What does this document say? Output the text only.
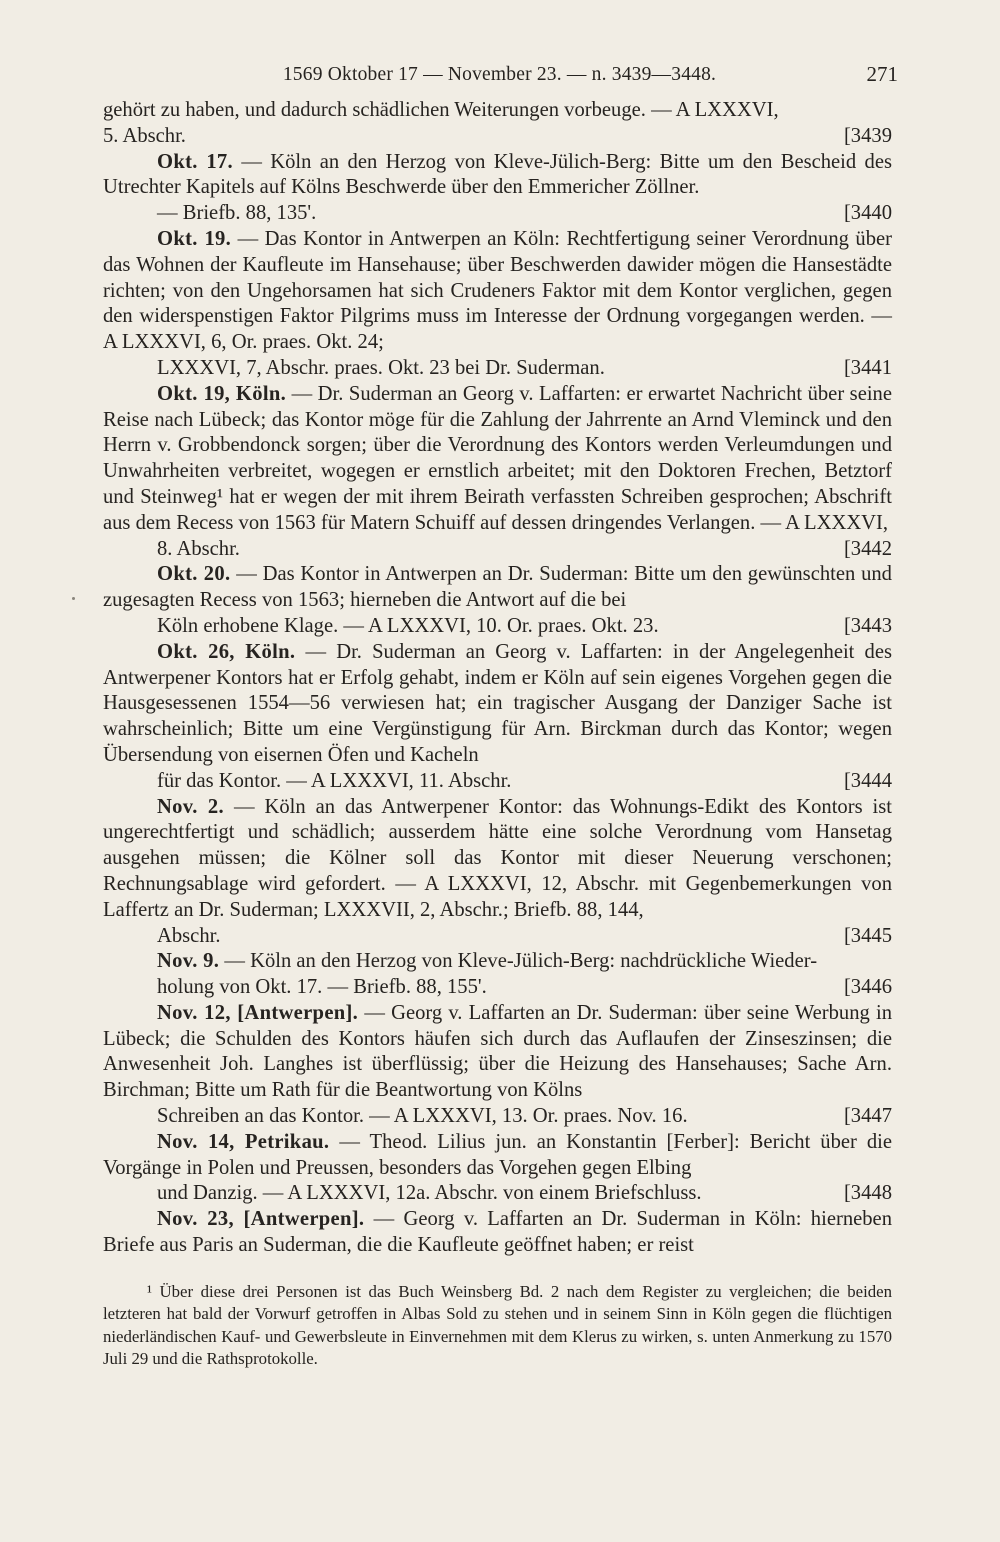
1569 Oktober 17 — November 23. — n. 3439—3448.	271

gehört zu haben, und dadurch schädlichen Weiterungen vorbeuge. — A LXXXVI,
5. Abschr.	[3439

Okt. 17. — Köln an den Herzog von Kleve-Jülich-Berg: Bitte um den Bescheid des Utrechter Kapitels auf Kölns Beschwerde über den Emmericher Zöllner.
— Briefb. 88, 135'.	[3440

Okt. 19. — Das Kontor in Antwerpen an Köln: Rechtfertigung seiner Verordnung über das Wohnen der Kaufleute im Hansehause; über Beschwerden dawider mögen die Hansestädte richten; von den Ungehorsamen hat sich Crudeners Faktor mit dem Kontor verglichen, gegen den widerspenstigen Faktor Pilgrims muss im Interesse der Ordnung vorgegangen werden. — A LXXXVI, 6, Or. praes. Okt. 24;
LXXXVI, 7, Abschr. praes. Okt. 23 bei Dr. Suderman.	[3441

Okt. 19, Köln. — Dr. Suderman an Georg v. Laffarten: er erwartet Nachricht über seine Reise nach Lübeck; das Kontor möge für die Zahlung der Jahrrente an Arnd Vleminck und den Herrn v. Grobbendonck sorgen; über die Verordnung des Kontors werden Verleumdungen und Unwahrheiten verbreitet, wogegen er ernstlich arbeitet; mit den Doktoren Frechen, Betztorf und Steinweg¹ hat er wegen der mit ihrem Beirath verfassten Schreiben gesprochen; Abschrift aus dem Recess von 1563 für Matern Schuiff auf dessen dringendes Verlangen. — A LXXXVI,
8. Abschr.	[3442

Okt. 20. — Das Kontor in Antwerpen an Dr. Suderman: Bitte um den gewünschten und zugesagten Recess von 1563; hierneben die Antwort auf die bei
Köln erhobene Klage. — A LXXXVI, 10. Or. praes. Okt. 23.	[3443

Okt. 26, Köln. — Dr. Suderman an Georg v. Laffarten: in der Angelegenheit des Antwerpener Kontors hat er Erfolg gehabt, indem er Köln auf sein eigenes Vorgehen gegen die Hausgesessenen 1554—56 verwiesen hat; ein tragischer Ausgang der Danziger Sache ist wahrscheinlich; Bitte um eine Vergünstigung für Arn. Birckman durch das Kontor; wegen Übersendung von eisernen Öfen und Kacheln
für das Kontor. — A LXXXVI, 11. Abschr.	[3444

Nov. 2. — Köln an das Antwerpener Kontor: das Wohnungs-Edikt des Kontors ist ungerechtfertigt und schädlich; ausserdem hätte eine solche Verordnung vom Hansetag ausgehen müssen; die Kölner soll das Kontor mit dieser Neuerung verschonen; Rechnungsablage wird gefordert. — A LXXXVI, 12, Abschr. mit Gegenbemerkungen von Laffertz an Dr. Suderman; LXXXVII, 2, Abschr.; Briefb. 88, 144,
Abschr.	[3445

Nov. 9. — Köln an den Herzog von Kleve-Jülich-Berg: nachdrückliche Wieder-
holung von Okt. 17. — Briefb. 88, 155'.	[3446

Nov. 12, [Antwerpen]. — Georg v. Laffarten an Dr. Suderman: über seine Werbung in Lübeck; die Schulden des Kontors häufen sich durch das Auflaufen der Zinseszinsen; die Anwesenheit Joh. Langhes ist überflüssig; über die Heizung des Hansehauses; Sache Arn. Birchman; Bitte um Rath für die Beantwortung von Kölns
Schreiben an das Kontor. — A LXXXVI, 13. Or. praes. Nov. 16.	[3447

Nov. 14, Petrikau. — Theod. Lilius jun. an Konstantin [Ferber]: Bericht über die Vorgänge in Polen und Preussen, besonders das Vorgehen gegen Elbing
und Danzig. — A LXXXVI, 12a. Abschr. von einem Briefschluss.	[3448

Nov. 23, [Antwerpen]. — Georg v. Laffarten an Dr. Suderman in Köln: hierneben Briefe aus Paris an Suderman, die die Kaufleute geöffnet haben; er reist

¹ Über diese drei Personen ist das Buch Weinsberg Bd. 2 nach dem Register zu vergleichen; die beiden letzteren hat bald der Vorwurf getroffen in Albas Sold zu stehen und in seinem Sinn in Köln gegen die flüchtigen niederländischen Kauf- und Gewerbsleute in Einvernehmen mit dem Klerus zu wirken, s. unten Anmerkung zu 1570 Juli 29 und die Rathsprotokolle.
